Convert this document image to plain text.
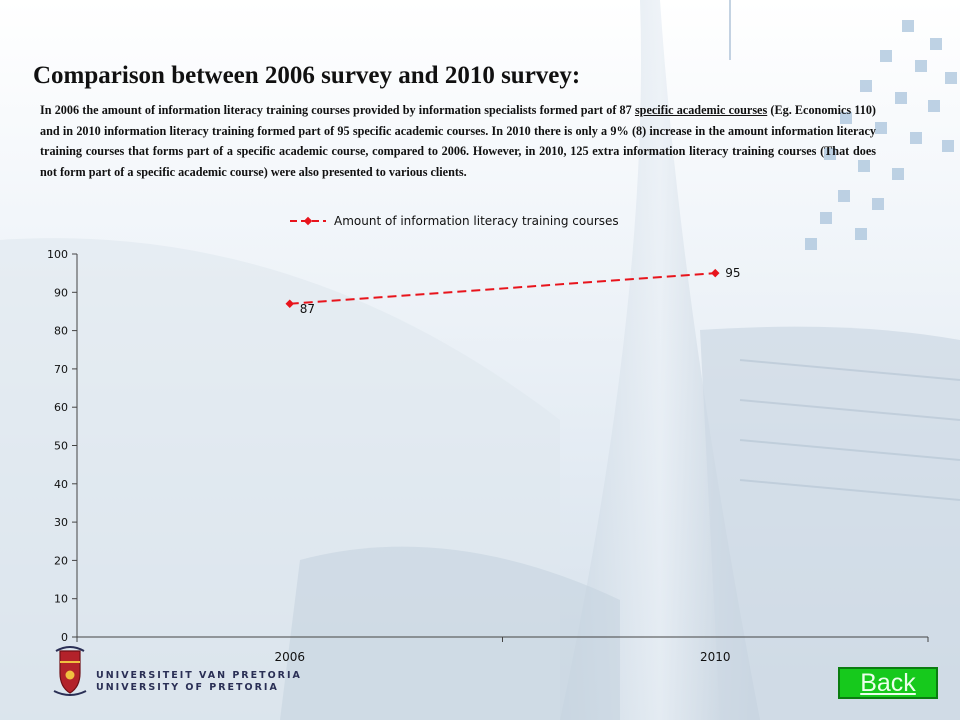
Comparison between 2006 survey and 2010 survey:

In 2006 the amount of information literacy training courses provided by information specialists formed part of 87 specific academic courses (Eg. Economics 110) and in 2010 information literacy training formed part of 95 specific academic courses. In 2010 there is only a 9% (8) increase in the amount information literacy training courses that forms part of a specific academic course, compared to 2006. However, in 2010, 125 extra information literacy training courses (That does not form part of a specific academic course) were also presented to various clients.

Amount of information literacy training courses
0
10
20
30
40
50
60
70
80
90
100
2006	2010
87
95
UNIVERSITEIT VAN PRETORIA
UNIVERSITY OF PRETORIA	Back
